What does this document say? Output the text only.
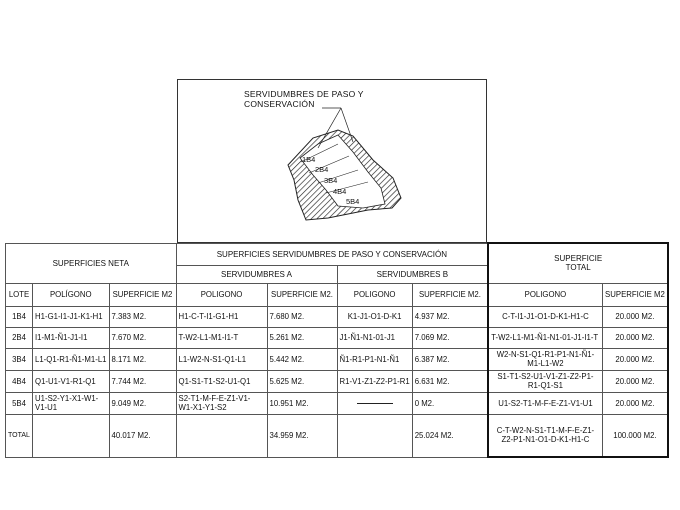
1B4
2B4
3B4
4B4
5B4
SERVIDUMBRES DE PASO Y
CONSERVACIÓN
SUPERFICIES NETA			SUPERFICIES SERVIDUMBRES DE PASO Y CONSERVACIÓN				SUPERFICIE
TOTAL	

			SERVIDUMBRES A		SERVIDUMBRES B			
LOTE	POLÍGONO	SUPERFICIE M2	POLIGONO	SUPERFICIE M2.	POLIGONO	SUPERFICIE M2.	POLIGONO	SUPERFICIE M2
1B4	H1-G1-I1-J1-K1-H1	7.383 M2.	H1-C-T-I1-G1-H1	7.680 M2.	K1-J1-O1-D-K1	4.937 M2.	C-T-I1-J1-O1-D-K1-H1-C	20.000 M2.
2B4	I1-M1-Ñ1-J1-I1	7.670 M2.	T-W2-L1-M1-I1-T	5.261 M2.	J1-Ñ1-N1-01-J1	7.069 M2.	T-W2-L1-M1-Ñ1-N1-01-J1-I1-T	20.000 M2.
3B4	L1-Q1-R1-Ñ1-M1-L1	8.171 M2.	L1-W2-N-S1-Q1-L1	5.442 M2.	Ñ1-R1-P1-N1-Ñ1	6.387 M2.	W2-N-S1-Q1-R1-P1-N1-Ñ1-M1-L1-W2	20.000 M2.
4B4	Q1-U1-V1-R1-Q1	7.744 M2.	Q1-S1-T1-S2-U1-Q1	5.625 M2.	R1-V1-Z1-Z2-P1-R1	6.631 M2.	S1-T1-S2-U1-V1-Z1-Z2-P1-R1-Q1-S1	20.000 M2.
5B4	U1-S2-Y1-X1-W1-V1-U1	9.049 M2.	S2-T1-M-F-E-Z1-V1-W1-X1-Y1-S2	10.951 M2.		0 M2.	U1-S2-T1-M-F-E-Z1-V1-U1	20.000 M2.
TOTAL		40.017 M2.		34.959 M2.		25.024 M2.	C-T-W2-N-S1-T1-M-F-E-Z1-Z2-P1-N1-O1-D-K1-H1-C	100.000 M2.
